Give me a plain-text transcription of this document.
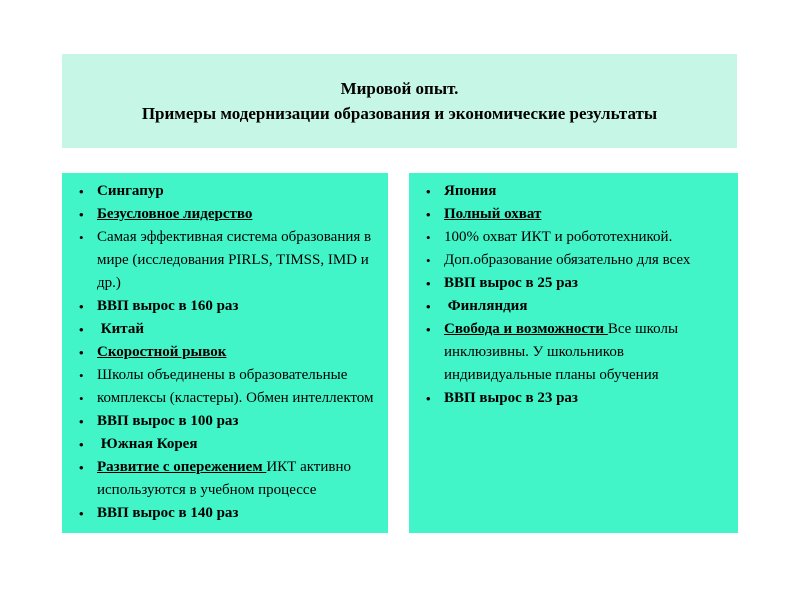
Мировой опыт.
Примеры модернизации образования и экономические результаты
• Сингапур
• Безусловное лидерство
• Самая эффективная система образования в мире (исследования PIRLS, TIMSS, IMD и др.)
• ВВП вырос в 160 раз
• Китай
• Скоростной рывок
• Школы объединены в образовательные
• комплексы (кластеры). Обмен интеллектом
• ВВП вырос в 100 раз
• Южная Корея
• Развитие с опережением ИКТ активно используются в учебном процессе
• ВВП вырос в 140 раз
• Япония
• Полный охват
• 100% охват ИКТ и робототехникой.
• Доп.образование обязательно для всех
• ВВП вырос в 25 раз
• Финляндия
• Свобода и возможности Все школы инклюзивны. У школьников индивидуальные планы обучения
• ВВП вырос в 23 раз
